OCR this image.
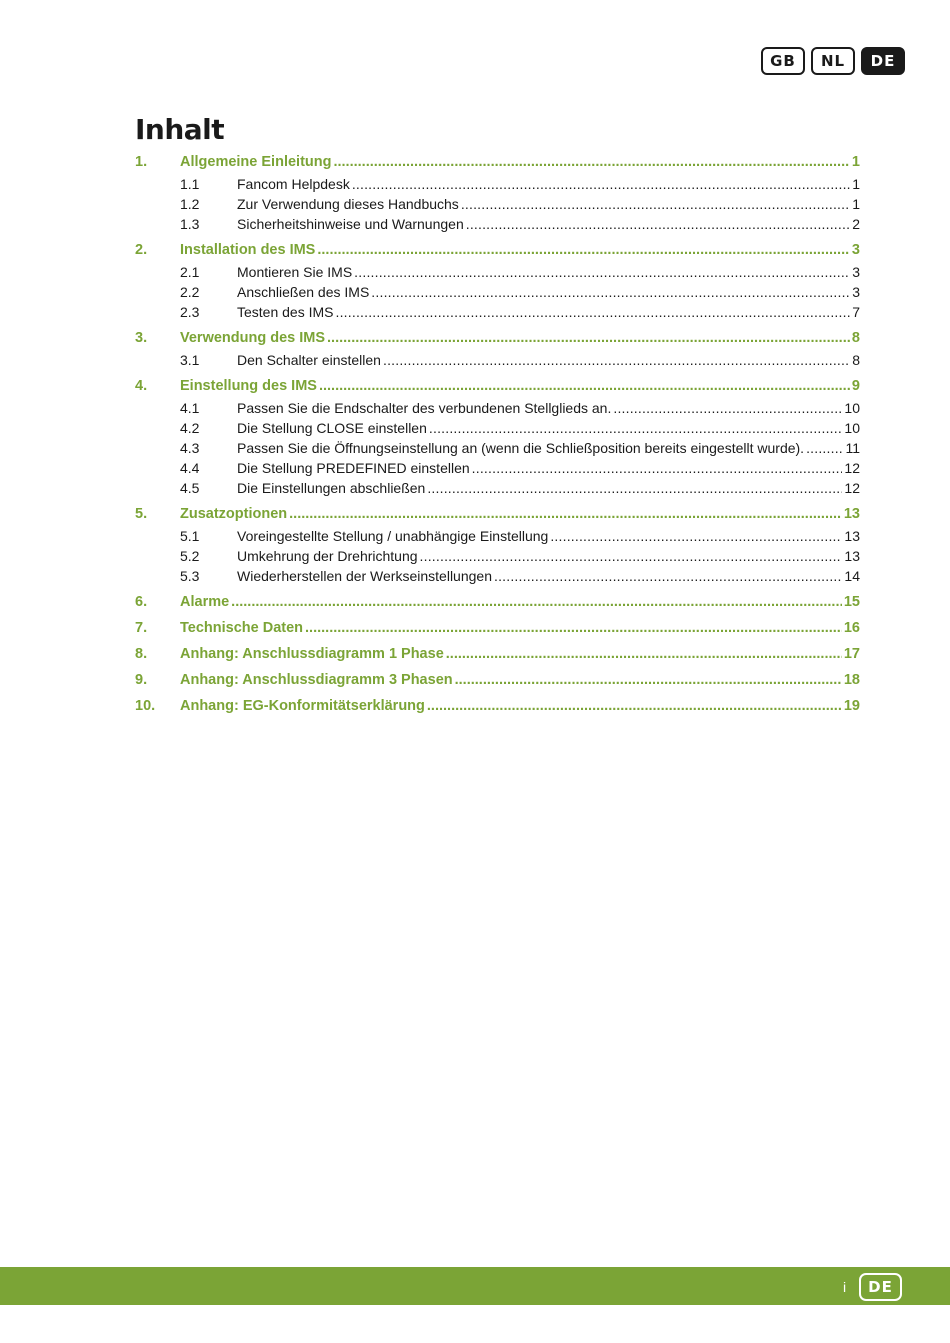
GB	NL	DE
Inhalt
1.	Allgemeine Einleitung .....	1
1.1	Fancom Helpdesk .....	1
1.2	Zur Verwendung dieses Handbuchs .....	1
1.3	Sicherheitshinweise und Warnungen .....	2
2.	Installation des IMS .....	3
2.1	Montieren Sie IMS .....	3
2.2	Anschließen des IMS .....	3
2.3	Testen des IMS .....	7
3.	Verwendung des IMS .....	8
3.1	Den Schalter einstellen .....	8
4.	Einstellung des IMS .....	9
4.1	Passen Sie die Endschalter des verbundenen Stellglieds an. .....	10
4.2	Die Stellung CLOSE einstellen .....	10
4.3	Passen Sie die Öffnungseinstellung an (wenn die Schließposition bereits eingestellt wurde). .....	11
4.4	Die Stellung PREDEFINED einstellen .....	12
4.5	Die Einstellungen abschließen .....	12
5.	Zusatzoptionen .....	13
5.1	Voreingestellte Stellung / unabhängige Einstellung .....	13
5.2	Umkehrung der Drehrichtung .....	13
5.3	Wiederherstellen der Werkseinstellungen .....	14
6.	Alarme .....	15
7.	Technische Daten .....	16
8.	Anhang: Anschlussdiagramm 1 Phase .....	17
9.	Anhang: Anschlussdiagramm 3 Phasen .....	18
10.	Anhang: EG-Konformitätserklärung .....	19
i	DE
